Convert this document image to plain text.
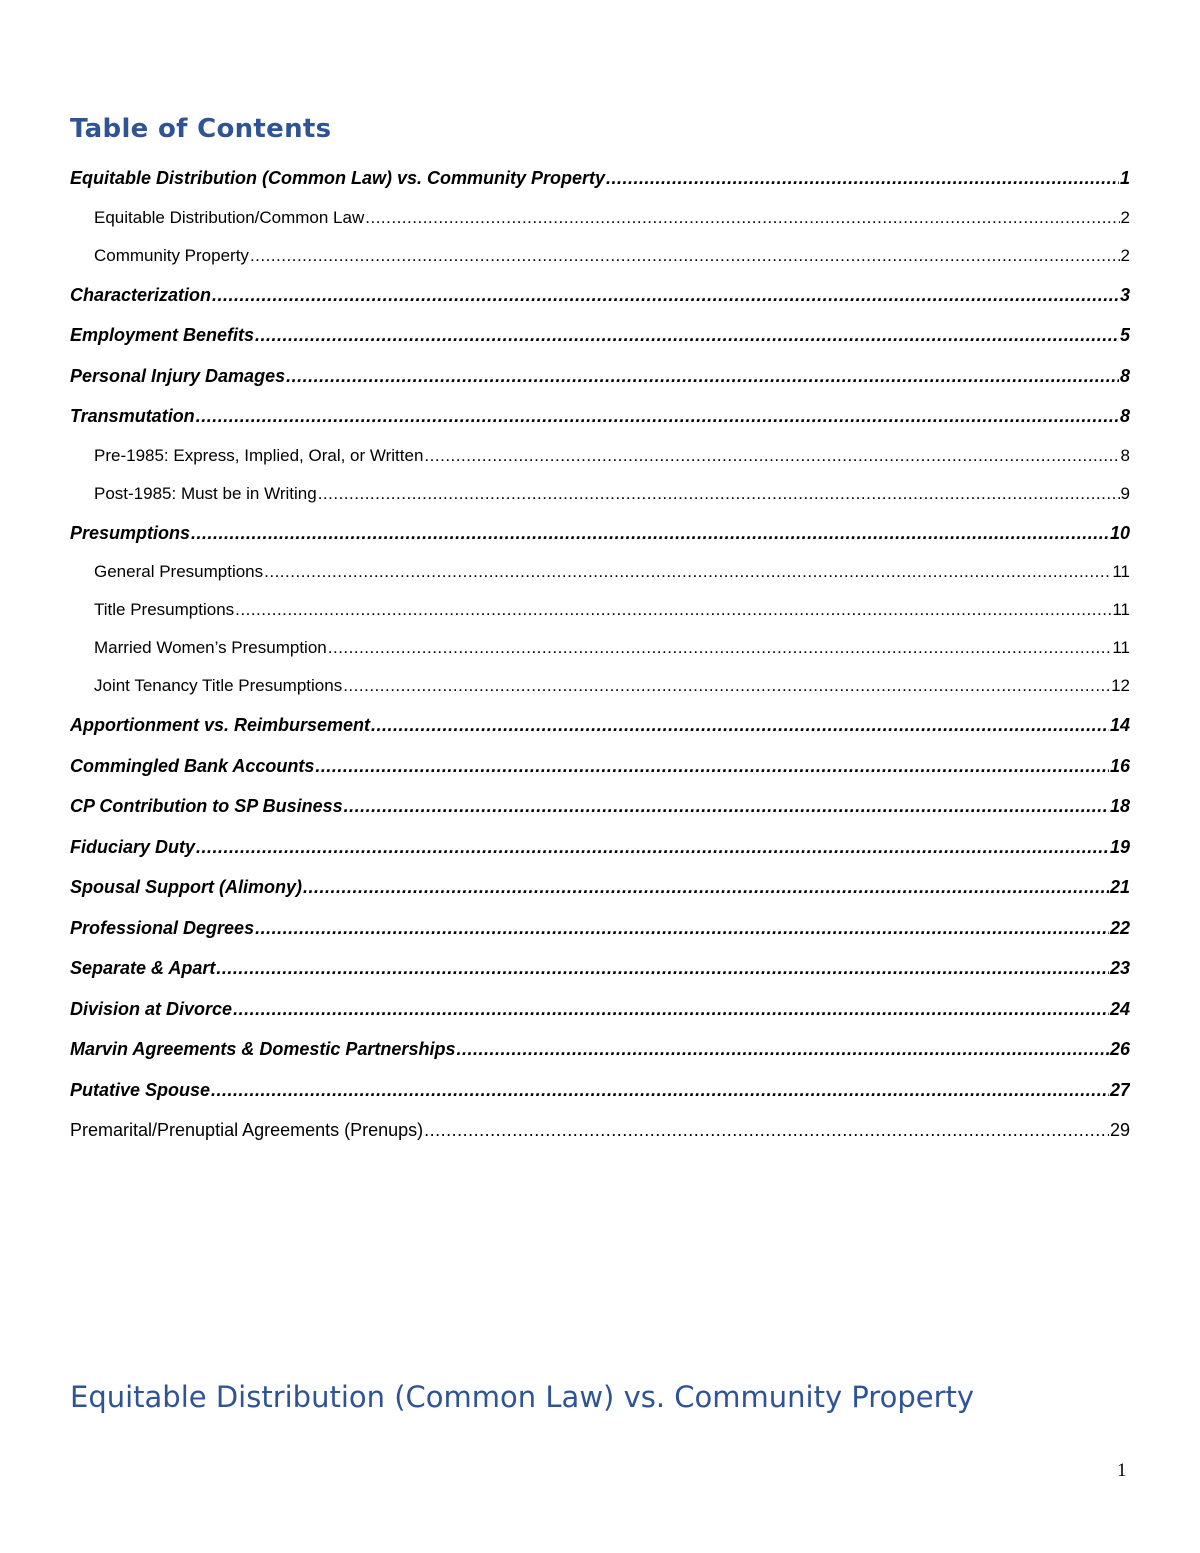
Table of Contents
Equitable Distribution (Common Law) vs. Community Property .....	1
Equitable Distribution/Common Law .....	2
Community Property .....	2
Characterization .....	3
Employment Benefits .....	5
Personal Injury Damages .....	8
Transmutation .....	8
Pre-1985: Express, Implied, Oral, or Written .....	8
Post-1985: Must be in Writing .....	9
Presumptions .....	10
General Presumptions .....	11
Title Presumptions .....	11
Married Women’s Presumption .....	11
Joint Tenancy Title Presumptions .....	12
Apportionment vs. Reimbursement .....	14
Commingled Bank Accounts .....	16
CP Contribution to SP Business .....	18
Fiduciary Duty .....	19
Spousal Support (Alimony) .....	21
Professional Degrees .....	22
Separate & Apart .....	23
Division at Divorce .....	24
Marvin Agreements & Domestic Partnerships .....	26
Putative Spouse .....	27
Premarital/Prenuptial Agreements (Prenups) .....	29
Equitable Distribution (Common Law) vs. Community Property
1
